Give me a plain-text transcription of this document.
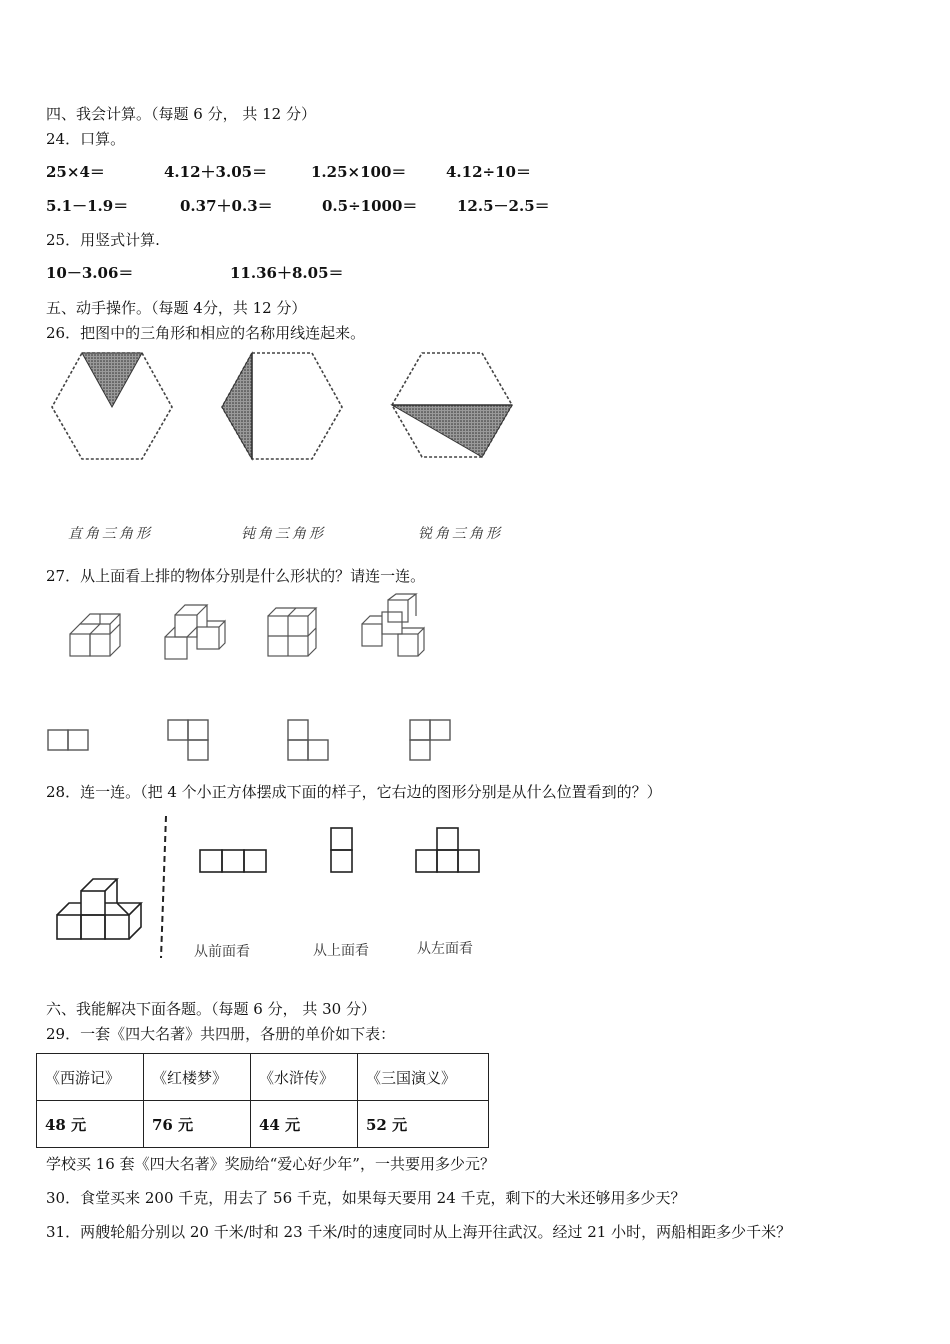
四、我会计算。（每题 6 分， 共 12 分）
24．口算。
25×4＝	4.12＋3.05＝	1.25×100＝	4.12÷10＝
5.1－1.9＝	0.37＋0.3＝	0.5÷1000＝	12.5－2.5＝
25．用竖式计算.
10－3.06＝	11.36＋8.05＝
五、动手操作。（每题 4分，共 12 分）
26．把图中的三角形和相应的名称用线连起来。
直角三角形	钝角三角形	锐角三角形
27．从上面看上排的物体分别是什么形状的？请连一连。
28．连一连。（把 4 个小正方体摆成下面的样子，它右边的图形分别是从什么位置看到的？）
从前面看	从上面看	从左面看
六、我能解决下面各题。（每题 6 分， 共 30 分）
29．一套《四大名著》共四册，各册的单价如下表：
《西游记》	《红楼梦》	《水浒传》	《三国演义》
48 元	76 元	44 元	52 元
学校买 16 套《四大名著》奖励给“爱心好少年”，一共要用多少元？
30．食堂买来 200 千克，用去了 56 千克，如果每天要用 24 千克，剩下的大米还够用多少天？
31．两艘轮船分别以 20 千米/时和 23 千米/时的速度同时从上海开往武汉。经过 21 小时，两船相距多少千米？
